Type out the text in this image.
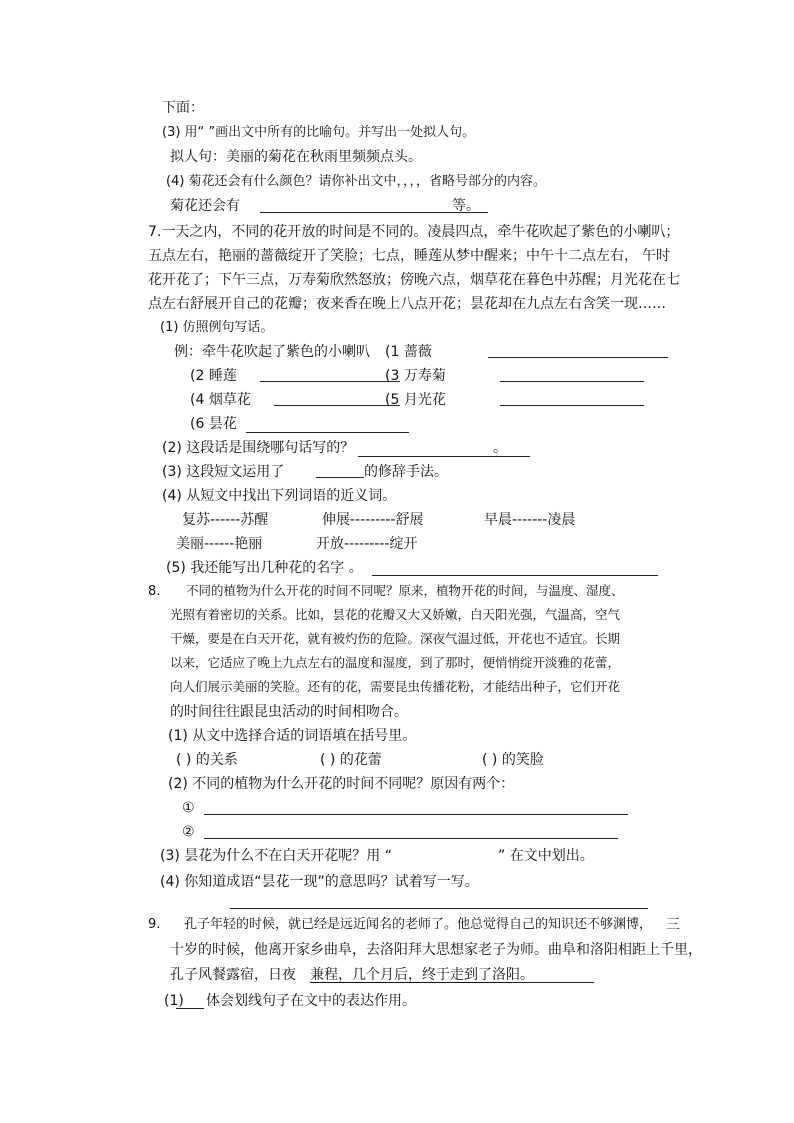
下面：
(3) 用“ ”画出文中所有的比喻句。并写出一处拟人句。
拟人句：美丽的菊花在秋雨里频频点头。
(4) 菊花还会有什么颜色？请你补出文中，，，，省略号部分的内容。
菊花还会有	等。
7.一天之内，不同的花开放的时间是不同的。凌晨四点，牵牛花吹起了紫色的小喇叭；
五点左右，艳丽的蔷薇绽开了笑脸；七点，睡莲从梦中醒来；中午十二点左右， 午时
花开花了；下午三点，万寿菊欣然怒放；傍晚六点，烟草花在暮色中苏醒；月光花在七
点左右舒展开自己的花瓣；夜来香在晚上八点开花；昙花却在九点左右含笑一现……
(1) 仿照例句写话。
例：牵牛花吹起了紫色的小喇叭 (1 蔷薇
(2 睡莲	(3 万寿菊
(4 烟草花	(5 月光花
(6 昙花
(2) 这段话是围绕哪句话写的？	。
(3) 这段短文运用了	的修辞手法。
(4) 从短文中找出下列词语的近义词。
复苏------苏醒	伸展---------舒展	早晨-------凌晨
美丽------艳丽	开放---------绽开
(5) 我还能写出几种花的名字 。
8. 不同的植物为什么开花的时间不同呢？原来，植物开花的时间，与温度、湿度、
光照有着密切的关系。比如，昙花的花瓣又大又娇嫩，白天阳光强，气温高，空气
干燥，要是在白天开花，就有被灼伤的危险。深夜气温过低，开花也不适宜。长期
以来，它适应了晚上九点左右的温度和湿度，到了那时，便悄悄绽开淡雅的花蕾，
向人们展示美丽的笑脸。还有的花，需要昆虫传播花粉，才能结出种子，它们开花
的时间往往跟昆虫活动的时间相吻合。
(1) 从文中选择合适的词语填在括号里。
( ) 的关系	( ) 的花蕾	( ) 的笑脸
(2) 不同的植物为什么开花的时间不同呢？原因有两个：
①
②
(3) 昙花为什么不在白天开花呢？用 “	” 在文中划出。
(4) 你知道成语“昙花一现”的意思吗？试着写一写。
9. 孔子年轻的时候，就已经是远近闻名的老师了。他总觉得自己的知识还不够渊博， 三
十岁的时候，他离开家乡曲阜，去洛阳拜大思想家老子为师。曲阜和洛阳相距上千里，
孔子风餐露宿，日夜 兼程，几个月后，终于走到了洛阳。
(1) 体会划线句子在文中的表达作用。
